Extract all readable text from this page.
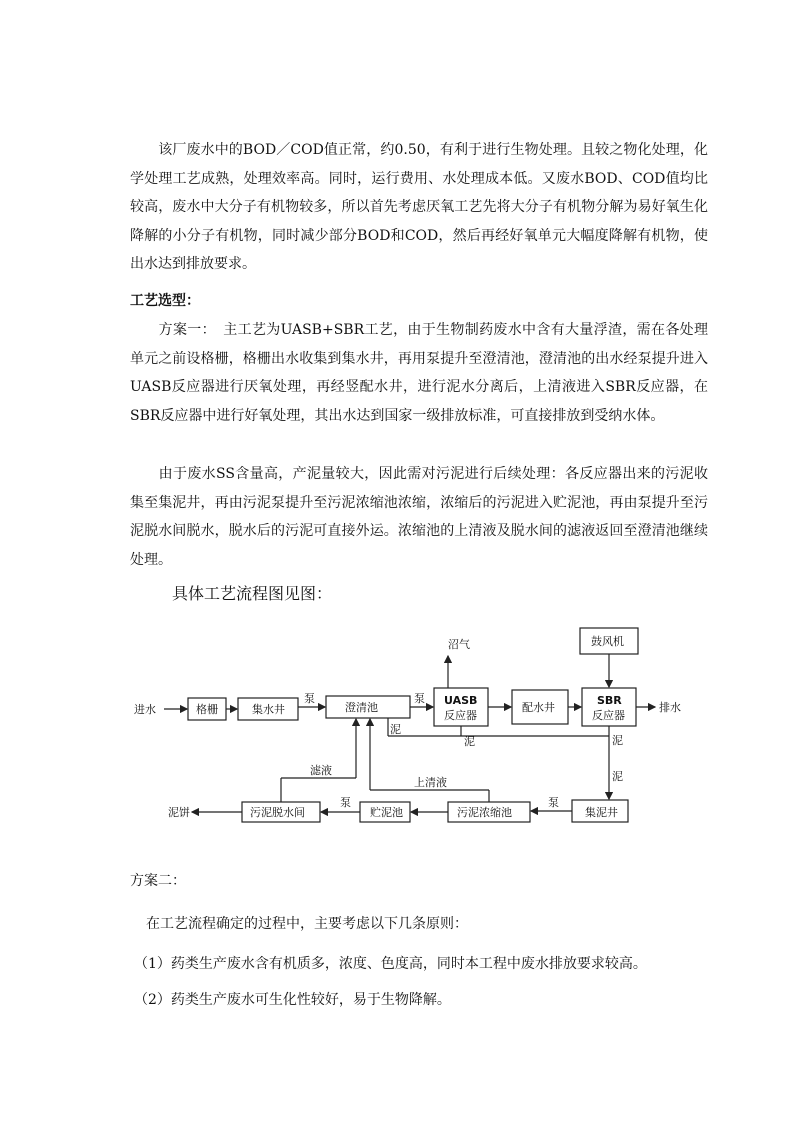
　　该厂废水中的BOD／COD值正常，约0.50，有利于进行生物处理。且较之物化处理，化学处理工艺成熟，处理效率高。同时，运行费用、水处理成本低。又废水BOD、COD值均比较高，废水中大分子有机物较多，所以首先考虑厌氧工艺先将大分子有机物分解为易好氧生化降解的小分子有机物，同时减少部分BOD和COD，然后再经好氧单元大幅度降解有机物，使出水达到排放要求。

工艺选型：

　　方案一：　主工艺为UASB+SBR工艺，由于生物制药废水中含有大量浮渣，需在各处理单元之前设格栅，格栅出水收集到集水井，再用泵提升至澄清池，澄清池的出水经泵提升进入UASB反应器进行厌氧处理，再经竖配水井，进行泥水分离后，上清液进入SBR反应器，在SBR反应器中进行好氧处理，其出水达到国家一级排放标准，可直接排放到受纳水体。

　　由于废水SS含量高，产泥量较大，因此需对污泥进行后续处理：各反应器出来的污泥收集至集泥井，再由污泥泵提升至污泥浓缩池浓缩，浓缩后的污泥进入贮泥池，再由泵提升至污泥脱水间脱水，脱水后的污泥可直接外运。浓缩池的上清液及脱水间的滤液返回至澄清池继续处理。

具体工艺流程图见图：
进水	格栅	集水井
泵
澄清池
泵 UASB
反应器
沼气
配水井
鼓风机
SBR
反应器
排水
泥
泥	泥
泥
滤液
上清液
集泥井
泵
污泥浓缩池
贮泥池
泵
污泥脱水间
泥饼
方案二：
在工艺流程确定的过程中，主要考虑以下几条原则：
（1）药类生产废水含有机质多，浓度、色度高，同时本工程中废水排放要求较高。
（2）药类生产废水可生化性较好，易于生物降解。
